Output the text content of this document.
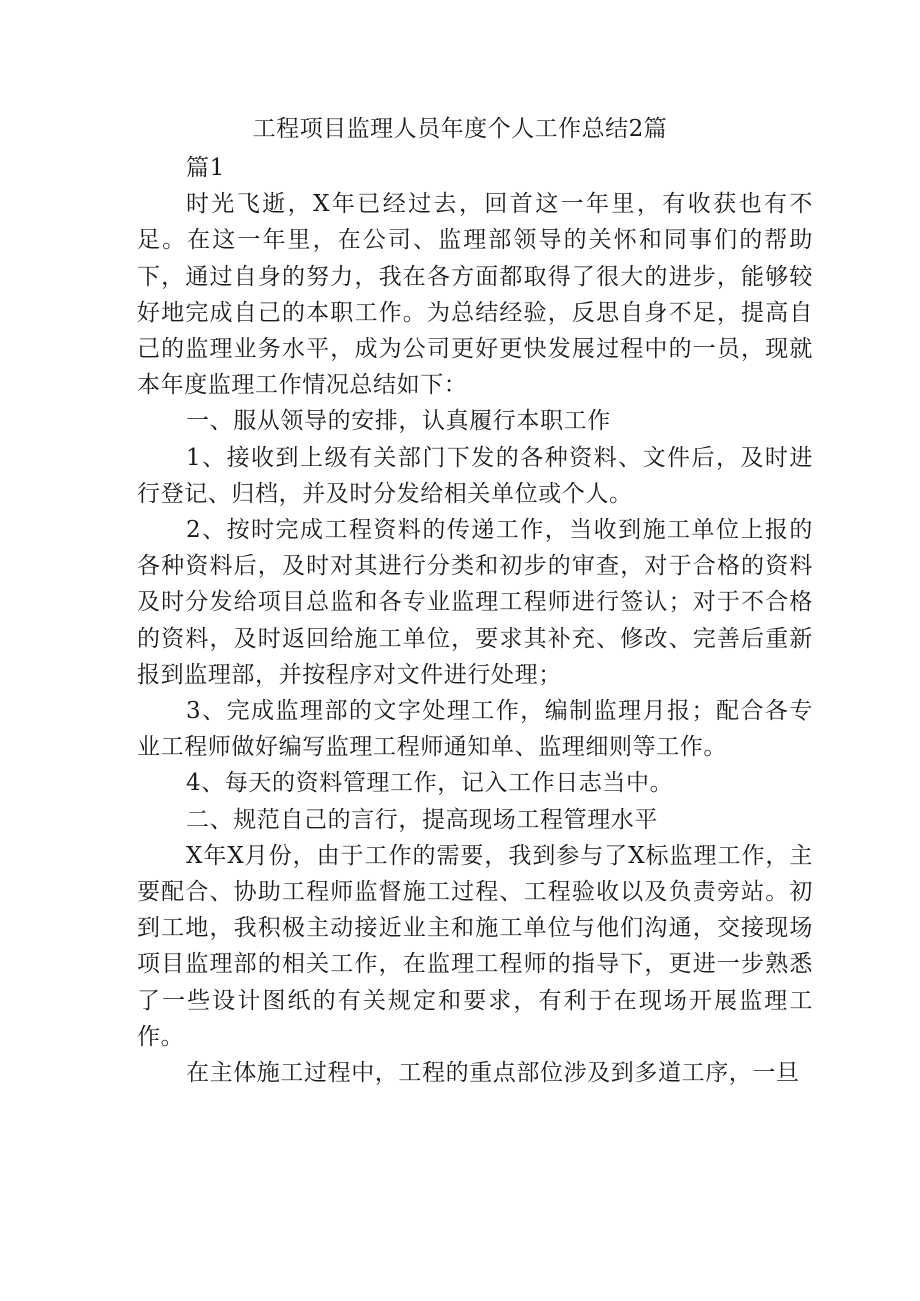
工程项目监理人员年度个人工作总结2篇

篇1

时光飞逝，X年已经过去，回首这一年里，有收获也有不足。在这一年里，在公司、监理部领导的关怀和同事们的帮助下，通过自身的努力，我在各方面都取得了很大的进步，能够较好地完成自己的本职工作。为总结经验，反思自身不足，提高自己的监理业务水平，成为公司更好更快发展过程中的一员，现就本年度监理工作情况总结如下：

一、服从领导的安排，认真履行本职工作

1、接收到上级有关部门下发的各种资料、文件后，及时进行登记、归档，并及时分发给相关单位或个人。

2、按时完成工程资料的传递工作，当收到施工单位上报的各种资料后，及时对其进行分类和初步的审查，对于合格的资料及时分发给项目总监和各专业监理工程师进行签认；对于不合格的资料，及时返回给施工单位，要求其补充、修改、完善后重新报到监理部，并按程序对文件进行处理；

3、完成监理部的文字处理工作，编制监理月报；配合各专业工程师做好编写监理工程师通知单、监理细则等工作。

4、每天的资料管理工作，记入工作日志当中。

二、规范自己的言行，提高现场工程管理水平

X年X月份，由于工作的需要，我到参与了X标监理工作，主要配合、协助工程师监督施工过程、工程验收以及负责旁站。初到工地，我积极主动接近业主和施工单位与他们沟通，交接现场项目监理部的相关工作，在监理工程师的指导下，更进一步熟悉了一些设计图纸的有关规定和要求，有利于在现场开展监理工作。

在主体施工过程中，工程的重点部位涉及到多道工序，一旦
